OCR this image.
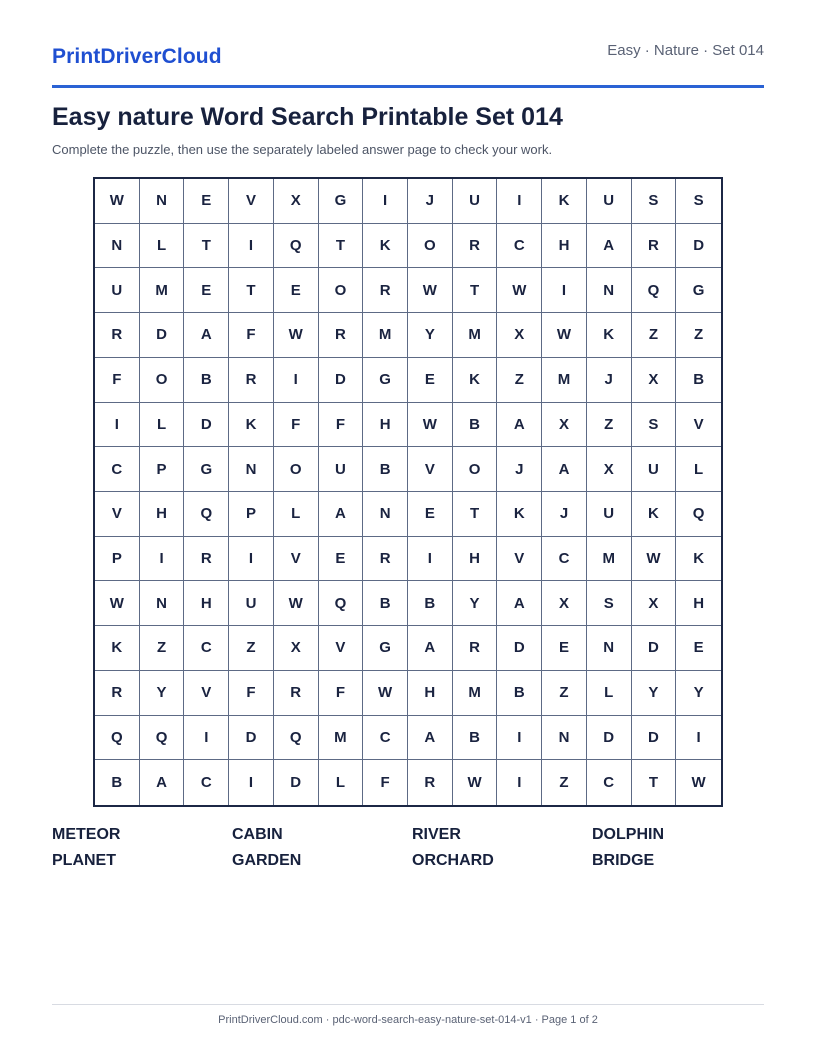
PrintDriverCloud	Easy · Nature · Set 014
Easy nature Word Search Printable Set 014

Complete the puzzle, then use the separately labeled answer page to check your work.

W	N	E	V	X	G	I	J	U	I	K	U	S	S
N	L	T	I	Q	T	K	O	R	C	H	A	R	D
U	M	E	T	E	O	R	W	T	W	I	N	Q	G
R	D	A	F	W	R	M	Y	M	X	W	K	Z	Z
F	O	B	R	I	D	G	E	K	Z	M	J	X	B
I	L	D	K	F	F	H	W	B	A	X	Z	S	V
C	P	G	N	O	U	B	V	O	J	A	X	U	L
V	H	Q	P	L	A	N	E	T	K	J	U	K	Q
P	I	R	I	V	E	R	I	H	V	C	M	W	K
W	N	H	U	W	Q	B	B	Y	A	X	S	X	H
K	Z	C	Z	X	V	G	A	R	D	E	N	D	E
R	Y	V	F	R	F	W	H	M	B	Z	L	Y	Y
Q	Q	I	D	Q	M	C	A	B	I	N	D	D	I
B	A	C	I	D	L	F	R	W	I	Z	C	T	W
METEOR	CABIN	RIVER	DOLPHIN
PLANET	GARDEN	ORCHARD	BRIDGE
PrintDriverCloud.com · pdc-word-search-easy-nature-set-014-v1 · Page 1 of 2
